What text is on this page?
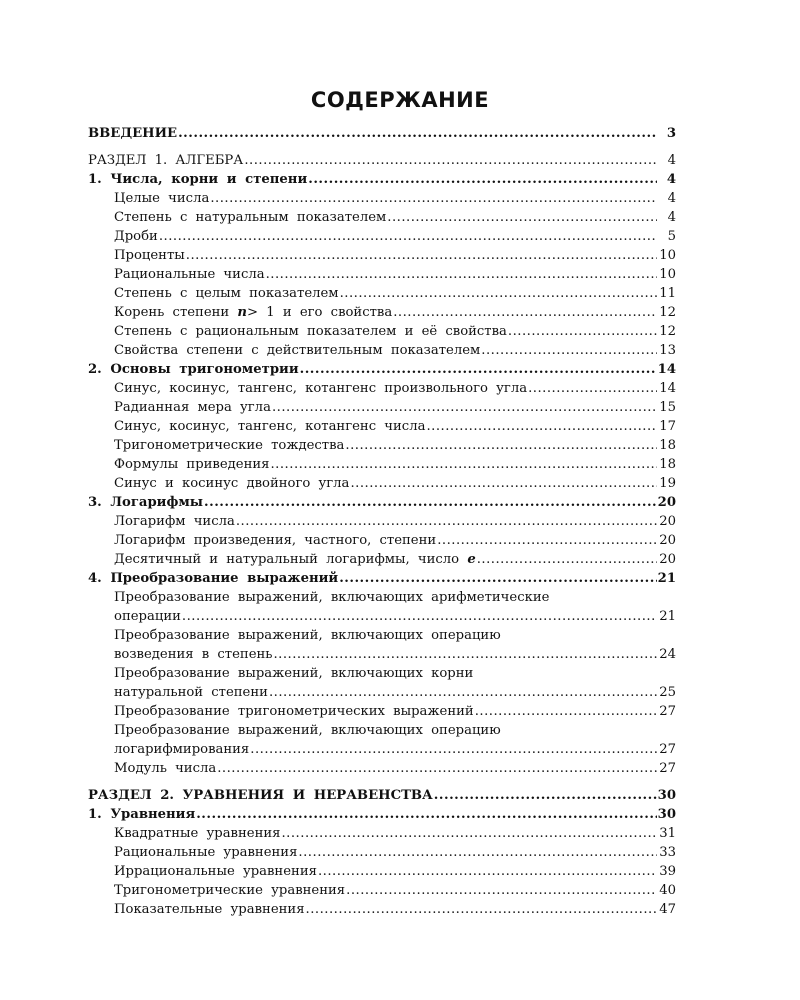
СОДЕРЖАНИЕ
ВВЕДЕНИЕ .....	3
РАЗДЕЛ 1. АЛГЕБРА .....	4
1. Числа, корни и степени .....	4
Целые числа .....	4
Степень с натуральным показателем .....	4
Дроби .....	5
Проценты .....	10
Рациональные числа .....	10
Степень с целым показателем .....	11
Корень степени n> 1 и его свойства .....	12
Степень с рациональным показателем и её свойства .....	12
Свойства степени с действительным показателем .....	13
2. Основы тригонометрии .....	14
Синус, косинус, тангенс, котангенс произвольного угла .....	14
Радианная мера угла .....	15
Синус, косинус, тангенс, котангенс числа .....	17
Тригонометрические тождества .....	18
Формулы приведения .....	18
Синус и косинус двойного угла .....	19
3. Логарифмы .....	20
Логарифм числа .....	20
Логарифм произведения, частного, степени .....	20
Десятичный и натуральный логарифмы, число e .....	20
4. Преобразование выражений .....	21
Преобразование выражений, включающих арифметические
операции .....	21
Преобразование выражений, включающих операцию
возведения в степень .....	24
Преобразование выражений, включающих корни
натуральной степени .....	25
Преобразование тригонометрических выражений .....	27
Преобразование выражений, включающих операцию
логарифмирования .....	27
Модуль числа .....	27
РАЗДЕЛ 2. УРАВНЕНИЯ И НЕРАВЕНСТВА .....	30
1. Уравнения .....	30
Квадратные уравнения .....	31
Рациональные уравнения .....	33
Иррациональные уравнения .....	39
Тригонометрические уравнения .....	40
Показательные уравнения .....	47
